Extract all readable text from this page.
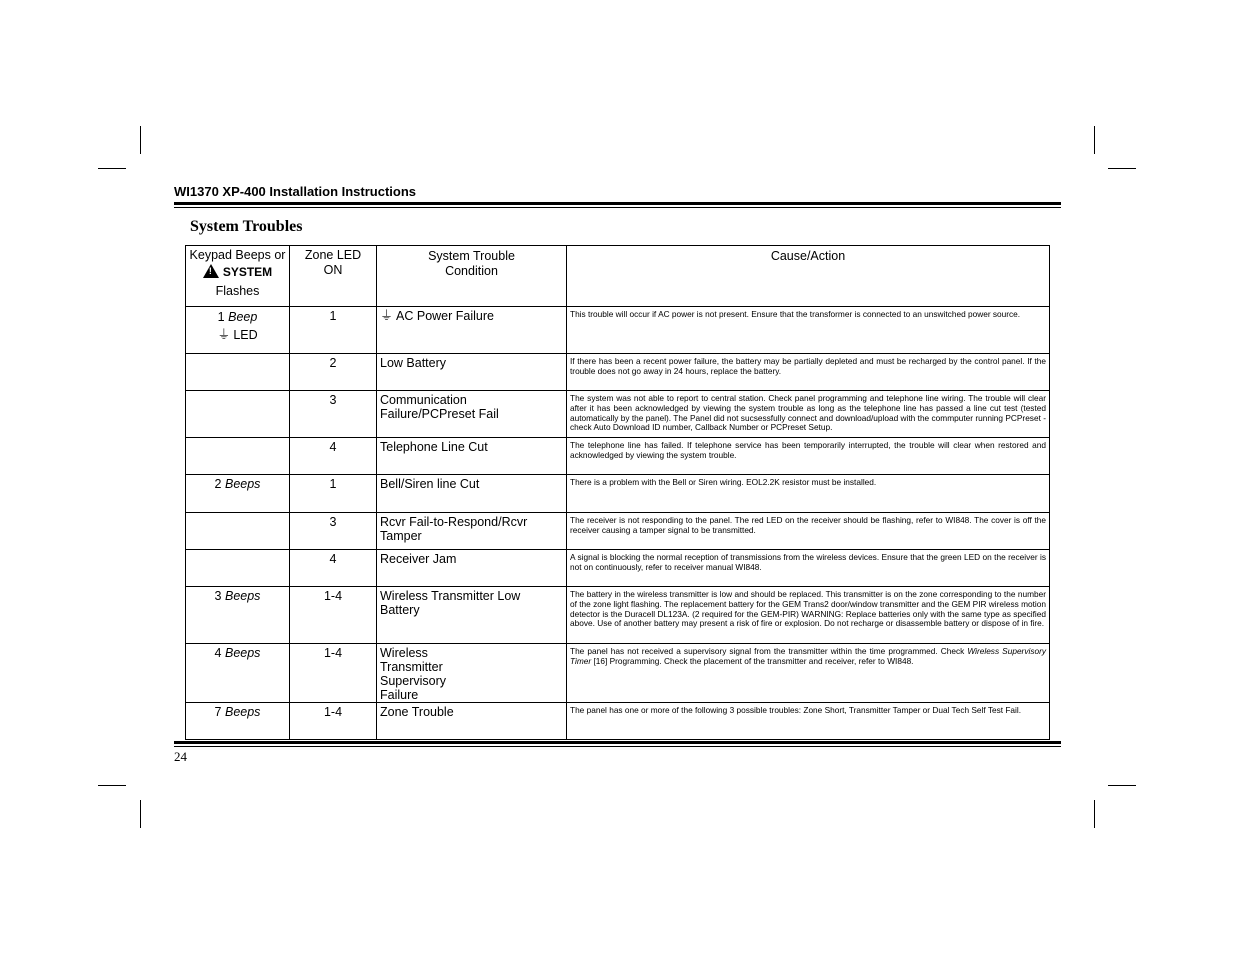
WI1370 XP-400 Installation Instructions
System Troubles
Keypad Beeps or
!SYSTEM
Flashes	Zone LED ON	System Trouble Condition	Cause/Action

1 Beep
⏚ LED	1	⏚ AC Power Failure	This trouble will occur if AC power is not present. Ensure that the transformer is connected to an unswitched power source.
	2	Low Battery	If there has been a recent power failure, the battery may be partially depleted and must be recharged by the control panel. If the trouble does not go away in 24 hours, replace the battery.
	3	Communication Failure/PCPreset Fail	The system was not able to report to central station. Check panel programming and telephone line wiring. The trouble will clear after it has been acknowledged by viewing the system trouble as long as the telephone line has passed a line cut test (tested automatically by the panel). The Panel did not sucsessfully connect and download/upload with the commputer running PCPreset - check Auto Download ID number, Callback Number or PCPreset Setup.
	4	Telephone Line Cut	The telephone line has failed. If telephone service has been temporarily interrupted, the trouble will clear when restored and acknowledged by viewing the system trouble.
2 Beeps	1	Bell/Siren line Cut	There is a problem with the Bell or Siren wiring. EOL2.2K resistor must be installed.
	3	Rcvr Fail-to-Respond/Rcvr Tamper	The receiver is not responding to the panel. The red LED on the receiver should be flashing, refer to WI848. The cover is off the receiver causing a tamper signal to be transmitted.
	4	Receiver Jam	A signal is blocking the normal reception of transmissions from the wireless devices. Ensure that the green LED on the receiver is not on continuously, refer to receiver manual WI848.
3 Beeps	1-4	Wireless Transmitter Low Battery	The battery in the wireless transmitter is low and should be replaced. This transmitter is on the zone corresponding to the number of the zone light flashing. The replacement battery for the GEM Trans2 door/window transmitter and the GEM PIR wireless motion detector is the Duracell DL123A. (2 required for the GEM-PIR) WARNING: Replace batteries only with the same type as specified above. Use of another battery may present a risk of fire or explosion. Do not recharge or disassemble battery or dispose of in fire.
4 Beeps	1-4	Wireless Transmitter Supervisory Failure	The panel has not received a supervisory signal from the transmitter within the time programmed. Check Wireless Supervisory Timer [16] Programming. Check the placement of the transmitter and receiver, refer to WI848.
7 Beeps	1-4	Zone Trouble	The panel has one or more of the following 3 possible troubles: Zone Short, Transmitter Tamper or Dual Tech Self Test Fail.
24
